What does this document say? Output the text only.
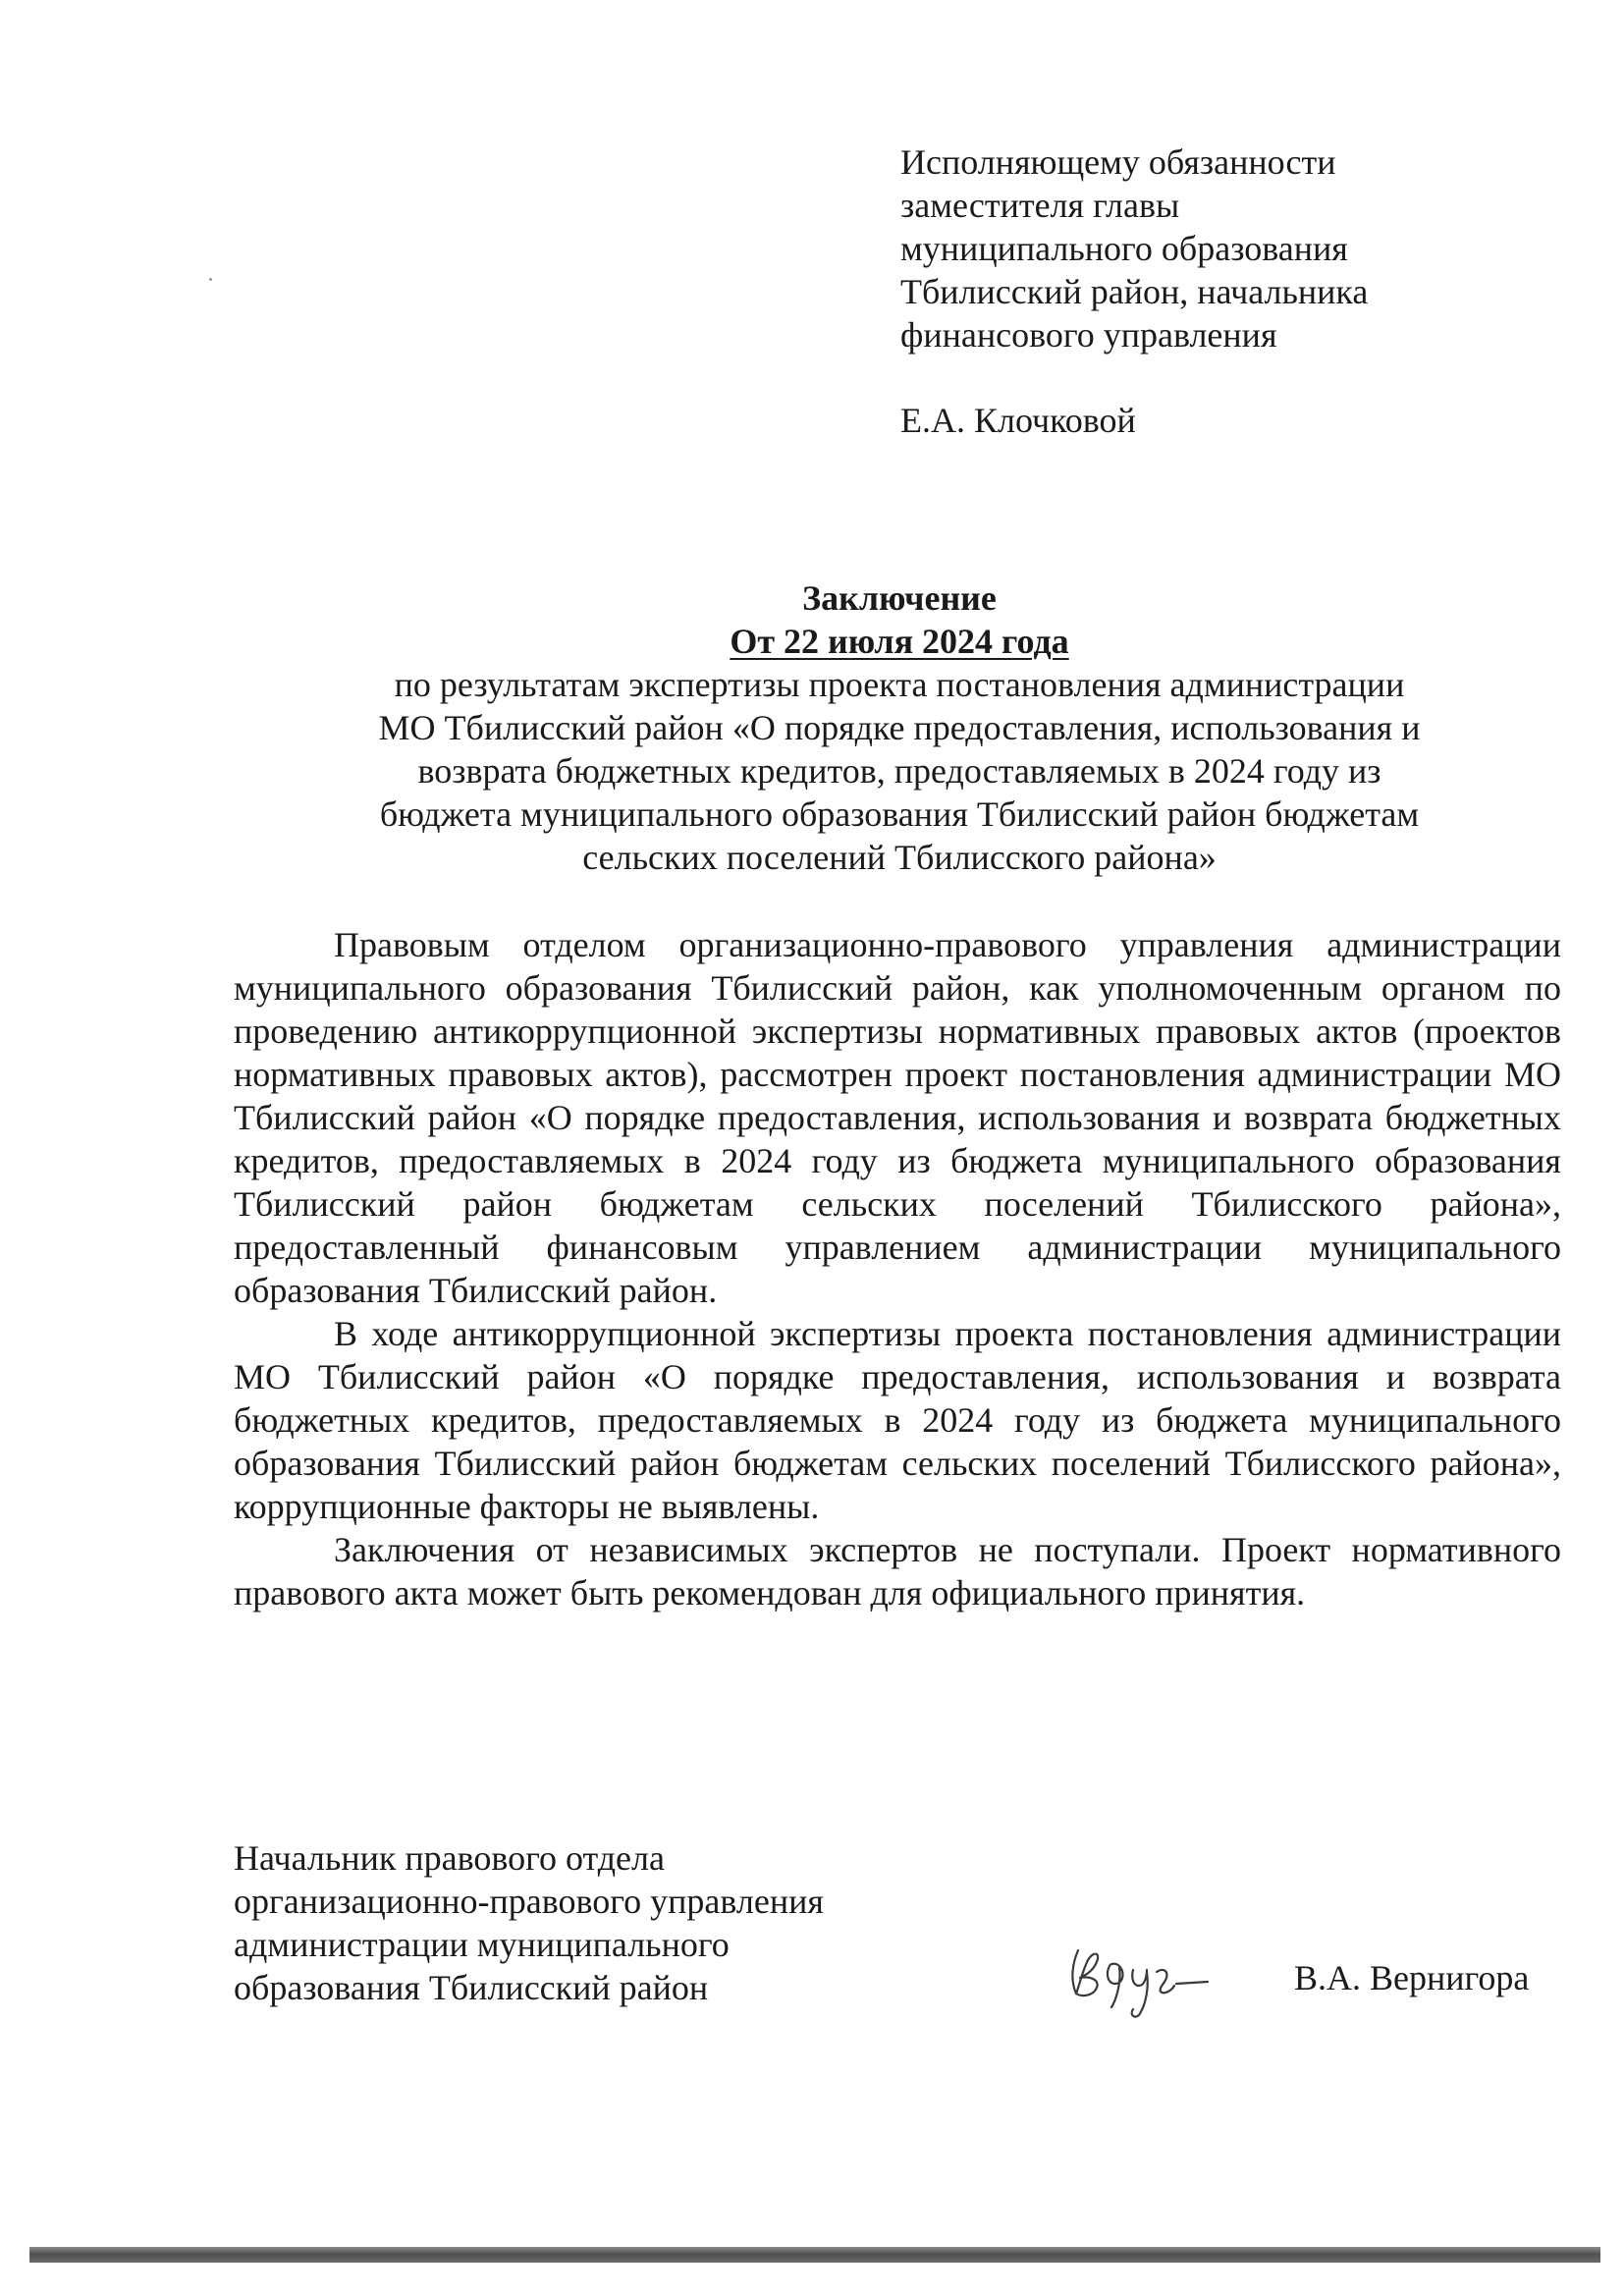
Исполняющему обязанности
заместителя главы
муниципального образования
Тбилисский район, начальника
финансового управления
Е.А. Клочковой
Заключение
От 22 июля 2024 года
по результатам экспертизы проекта постановления администрации
МО Тбилисский район «О порядке предоставления, использования и
возврата бюджетных кредитов, предоставляемых в 2024 году из
бюджета муниципального образования Тбилисский район бюджетам
сельских поселений Тбилисского района»

Правовым отделом организационно-правового управления администрации муниципального образования Тбилисский район, как уполномоченным органом по проведению антикоррупционной экспертизы нормативных правовых актов (проектов нормативных правовых актов), рассмотрен проект постановления администрации МО Тбилисский район «О порядке предоставления, использования и возврата бюджетных кредитов, предоставляемых в 2024 году из бюджета муниципального образования Тбилисский район бюджетам сельских поселений Тбилисского района», предоставленный финансовым управлением администрации муниципального образования Тбилисский район.

В ходе антикоррупционной экспертизы проекта постановления администрации МО Тбилисский район «О порядке предоставления, использования и возврата бюджетных кредитов, предоставляемых в 2024 году из бюджета муниципального образования Тбилисский район бюджетам сельских поселений Тбилисского района», коррупционные факторы не выявлены.

Заключения от независимых экспертов не поступали. Проект нормативного правового акта может быть рекомендован для официального принятия.

Начальник правового отдела
организационно-правового управления
администрации муниципального
образования Тбилисский район	В.А. Вернигора
